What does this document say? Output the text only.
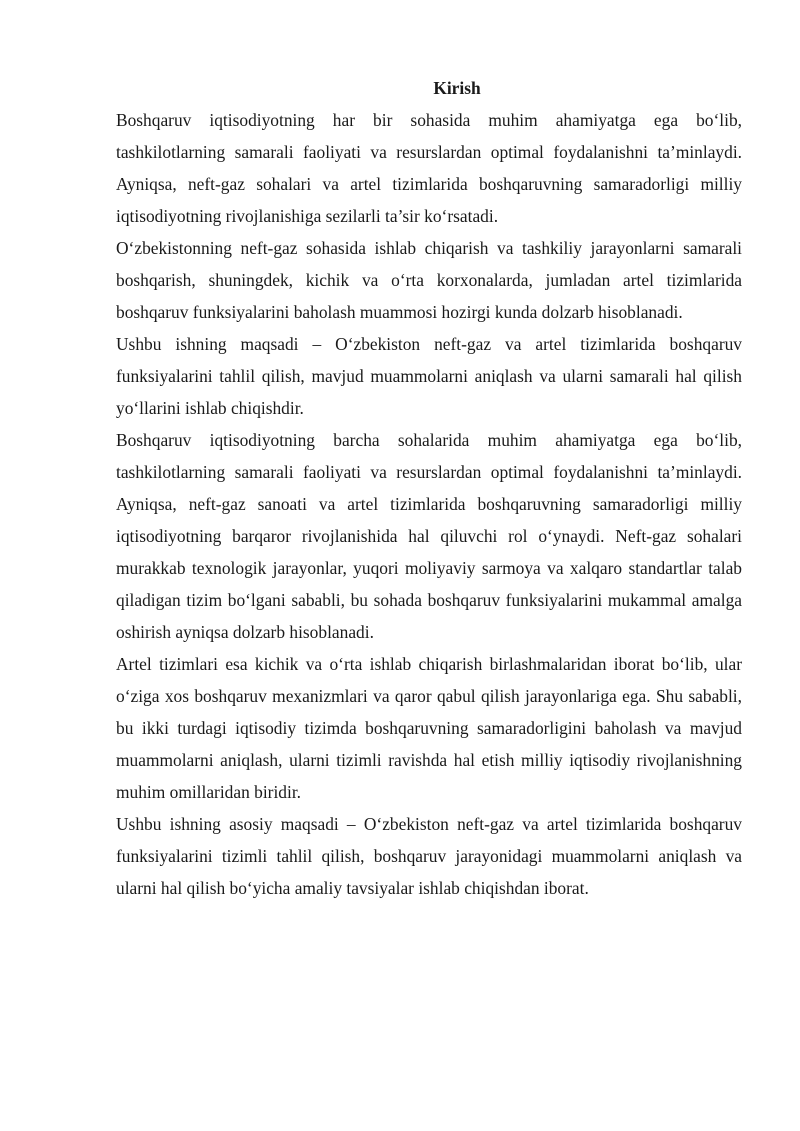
Kirish

Boshqaruv iqtisodiyotning har bir sohasida muhim ahamiyatga ega bo‘lib, tashkilotlarning samarali faoliyati va resurslardan optimal foydalanishni ta’minlaydi. Ayniqsa, neft-gaz sohalari va artel tizimlarida boshqaruvning samaradorligi milliy iqtisodiyotning rivojlanishiga sezilarli ta’sir ko‘rsatadi.

O‘zbekistonning neft-gaz sohasida ishlab chiqarish va tashkiliy jarayonlarni samarali boshqarish, shuningdek, kichik va o‘rta korxonalarda, jumladan artel tizimlarida boshqaruv funksiyalarini baholash muammosi hozirgi kunda dolzarb hisoblanadi.

Ushbu ishning maqsadi – O‘zbekiston neft-gaz va artel tizimlarida boshqaruv funksiyalarini tahlil qilish, mavjud muammolarni aniqlash va ularni samarali hal qilish yo‘llarini ishlab chiqishdir.

Boshqaruv iqtisodiyotning barcha sohalarida muhim ahamiyatga ega bo‘lib, tashkilotlarning samarali faoliyati va resurslardan optimal foydalanishni ta’minlaydi. Ayniqsa, neft-gaz sanoati va artel tizimlarida boshqaruvning samaradorligi milliy iqtisodiyotning barqaror rivojlanishida hal qiluvchi rol o‘ynaydi. Neft-gaz sohalari murakkab texnologik jarayonlar, yuqori moliyaviy sarmoya va xalqaro standartlar talab qiladigan tizim bo‘lgani sababli, bu sohada boshqaruv funksiyalarini mukammal amalga oshirish ayniqsa dolzarb hisoblanadi.

Artel tizimlari esa kichik va o‘rta ishlab chiqarish birlashmalaridan iborat bo‘lib, ular o‘ziga xos boshqaruv mexanizmlari va qaror qabul qilish jarayonlariga ega. Shu sababli, bu ikki turdagi iqtisodiy tizimda boshqaruvning samaradorligini baholash va mavjud muammolarni aniqlash, ularni tizimli ravishda hal etish milliy iqtisodiy rivojlanishning muhim omillaridan biridir.

Ushbu ishning asosiy maqsadi – O‘zbekiston neft-gaz va artel tizimlarida boshqaruv funksiyalarini tizimli tahlil qilish, boshqaruv jarayonidagi muammolarni aniqlash va ularni hal qilish bo‘yicha amaliy tavsiyalar ishlab chiqishdan iborat.
